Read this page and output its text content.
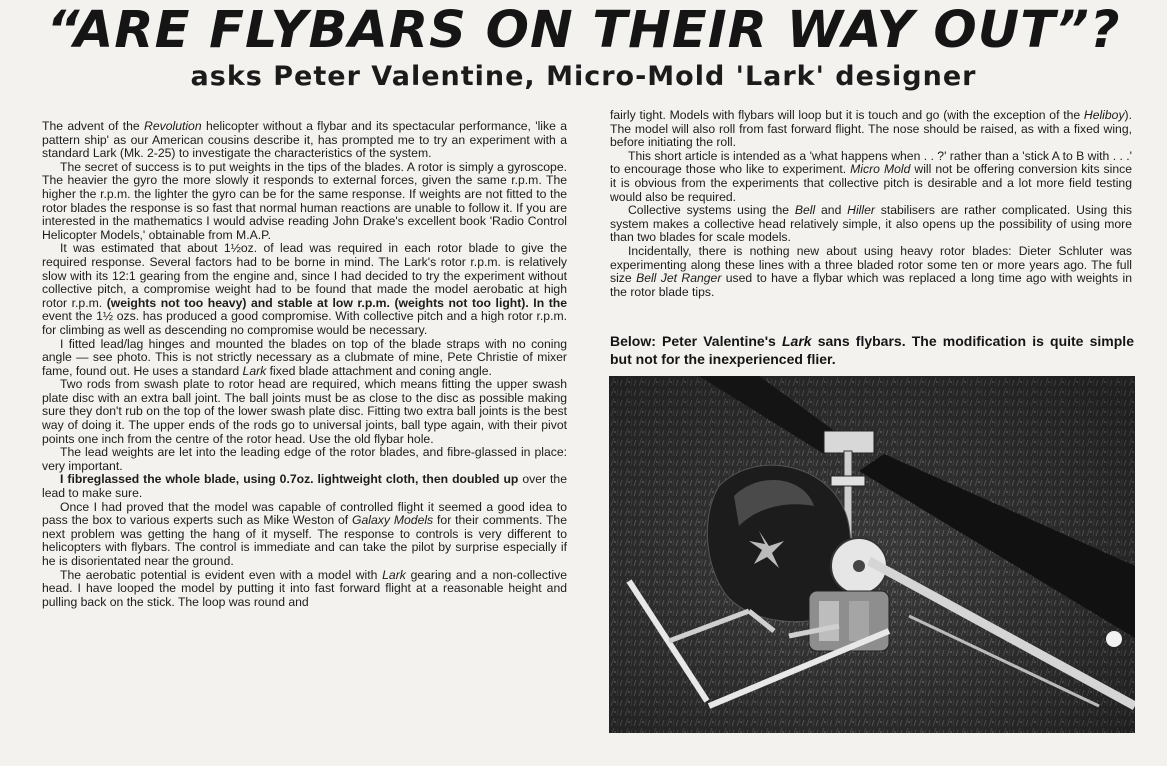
“ARE FLYBARS ON THEIR WAY OUT”?
asks Peter Valentine, Micro-Mold 'Lark' designer

The advent of the Revolution helicopter without a flybar and its spectacular performance, 'like a pattern ship' as our American cousins describe it, has prompted me to try an experiment with a standard Lark (Mk. 2-25) to investigate the characteristics of the system.

The secret of success is to put weights in the tips of the blades. A rotor is simply a gyroscope. The heavier the gyro the more slowly it responds to external forces, given the same r.p.m. The higher the r.p.m. the lighter the gyro can be for the same response. If weights are not fitted to the rotor blades the response is so fast that normal human reactions are unable to follow it. If you are interested in the mathematics I would advise reading John Drake's excellent book 'Radio Control Helicopter Models,' obtainable from M.A.P.

It was estimated that about 1½oz. of lead was required in each rotor blade to give the required response. Several factors had to be borne in mind. The Lark's rotor r.p.m. is relatively slow with its 12:1 gearing from the engine and, since I had decided to try the experiment without collective pitch, a compromise weight had to be found that made the model aerobatic at high rotor r.p.m. (weights not too heavy) and stable at low r.p.m. (weights not too light). In the event the 1½ ozs. has produced a good compromise. With collective pitch and a high rotor r.p.m. for climbing as well as descending no compromise would be necessary.

I fitted lead/lag hinges and mounted the blades on top of the blade straps with no coning angle — see photo. This is not strictly necessary as a clubmate of mine, Pete Christie of mixer fame, found out. He uses a standard Lark fixed blade attachment and coning angle.

Two rods from swash plate to rotor head are required, which means fitting the upper swash plate disc with an extra ball joint. The ball joints must be as close to the disc as possible making sure they don't rub on the top of the lower swash plate disc. Fitting two extra ball joints is the best way of doing it. The upper ends of the rods go to universal joints, ball type again, with their pivot points one inch from the centre of the rotor head. Use the old flybar hole.

The lead weights are let into the leading edge of the rotor blades, and fibre-glassed in place: very important.

I fibreglassed the whole blade, using 0.7oz. lightweight cloth, then doubled up over the lead to make sure.

Once I had proved that the model was capable of controlled flight it seemed a good idea to pass the box to various experts such as Mike Weston of Galaxy Models for their comments. The next problem was getting the hang of it myself. The response to controls is very different to helicopters with flybars. The control is immediate and can take the pilot by surprise especially if he is disorientated near the ground.

The aerobatic potential is evident even with a model with Lark gearing and a non-collective head. I have looped the model by putting it into fast forward flight at a reasonable height and pulling back on the stick. The loop was round and

fairly tight. Models with flybars will loop but it is touch and go (with the exception of the Heliboy). The model will also roll from fast forward flight. The nose should be raised, as with a fixed wing, before initiating the roll.

This short article is intended as a 'what happens when . . ?' rather than a 'stick A to B with . . .' to encourage those who like to experiment. Micro Mold will not be offering conversion kits since it is obvious from the experiments that collective pitch is desirable and a lot more field testing would also be required.

Collective systems using the Bell and Hiller stabilisers are rather complicated. Using this system makes a collective head relatively simple, it also opens up the possibility of using more than two blades for scale models.

Incidentally, there is nothing new about using heavy rotor blades: Dieter Schluter was experimenting along these lines with a three bladed rotor some ten or more years ago. The full size Bell Jet Ranger used to have a flybar which was replaced a long time ago with weights in the rotor blade tips.

Below: Peter Valentine's Lark sans flybars. The modification is quite simple but not for the inexperienced flier.
